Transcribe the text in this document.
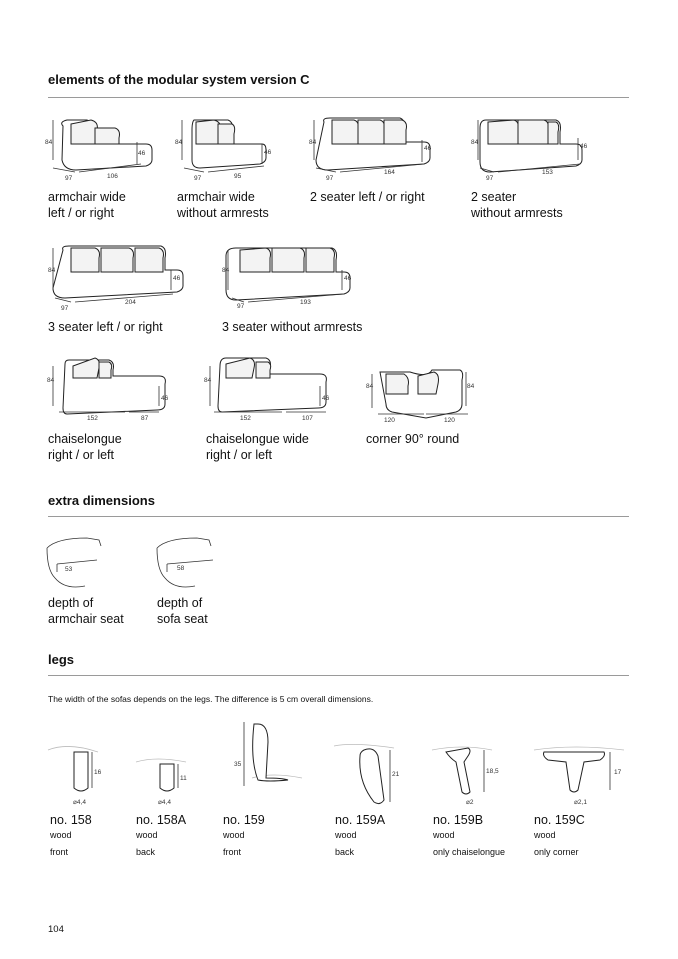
elements of the modular system version C
84
46
97	106
armchair wide
left / or right
84
46
97	95
armchair wide
without armrests
84
46
97
164
2 seater left / or right
84
46
97
153
2 seater
without armrests
84
46
97
204
3 seater left / or right
84
46
97
193
3 seater without armrests
84
46
152	87
chaiselongue
right / or left
84
46
152	107
chaiselongue wide
right / or left
84	84
120	120
corner 90° round
extra dimensions
53
depth of
armchair seat
58
depth of
sofa seat
legs
The width of the sofas depends on the legs. The difference is 5 cm overall dimensions.
16
⌀4,4
no. 158
wood
front
11
⌀4,4
no. 158A
wood
back
35
no. 159
wood
front
21
no. 159A
wood
back
18,5
⌀2
no. 159B
wood
only chaiselongue
17
⌀2,1
no. 159C
wood
only corner
104
